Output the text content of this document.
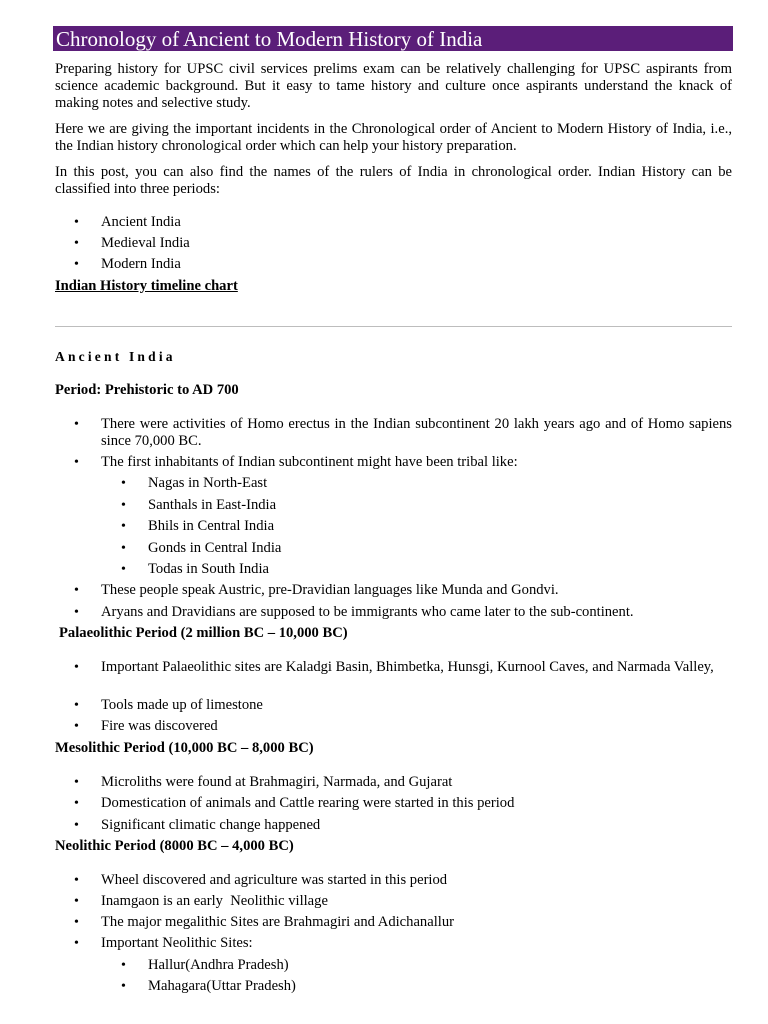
Chronology of Ancient to Modern History of India

Preparing history for UPSC civil services prelims exam can be relatively challenging for UPSC aspirants from science academic background. But it easy to tame history and culture once aspirants understand the knack of making notes and selective study.

Here we are giving the important incidents in the Chronological order of Ancient to Modern History of India, i.e., the Indian history chronological order which can help your history preparation.

In this post, you can also find the names of the rulers of India in chronological order. Indian History can be classified into three periods:

• Ancient India
• Medieval India
• Modern India
Indian History timeline chart
Ancient India
Period: Prehistoric to AD 700
• There were activities of Homo erectus in the Indian subcontinent 20 lakh years ago and of Homo sapiens since 70,000 BC.
• The first inhabitants of Indian subcontinent might have been tribal like:
• Nagas in North-East
• Santhals in East-India
• Bhils in Central India
• Gonds in Central India
• Todas in South India
• These people speak Austric, pre-Dravidian languages like Munda and Gondvi.
• Aryans and Dravidians are supposed to be immigrants who came later to the sub-continent.
Palaeolithic Period (2 million BC – 10,000 BC)
• Important Palaeolithic sites are Kaladgi Basin, Bhimbetka, Hunsgi, Kurnool Caves, and Narmada Valley,
• Tools made up of limestone
• Fire was discovered
Mesolithic Period (10,000 BC – 8,000 BC)
• Microliths were found at Brahmagiri, Narmada, and Gujarat
• Domestication of animals and Cattle rearing were started in this period
• Significant climatic change happened
Neolithic Period (8000 BC – 4,000 BC)
• Wheel discovered and agriculture was started in this period
• Inamgaon is an early  Neolithic village
• The major megalithic Sites are Brahmagiri and Adichanallur
• Important Neolithic Sites:
• Hallur(Andhra Pradesh)
• Mahagara(Uttar Pradesh)
